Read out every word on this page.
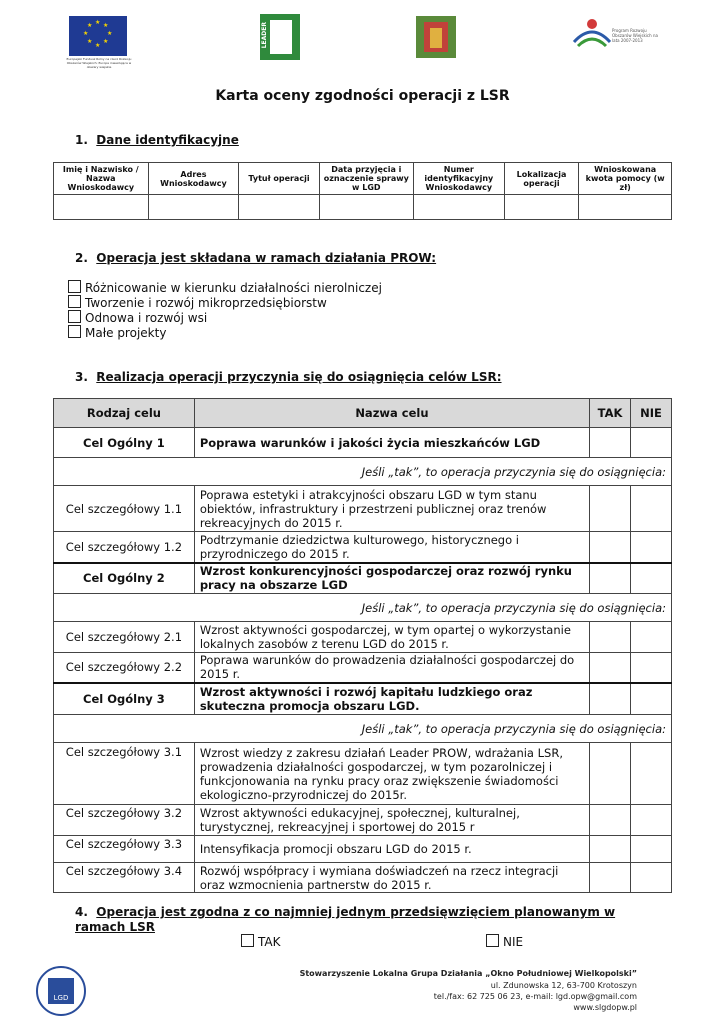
★ ★
★
★
★
★
★
★
Europejski Fundusz Rolny na rzecz Rozwoju Obszarów Wiejskich: Europa inwestująca w obszary wiejskie
LEADER	Program Rozwoju Obszarów Wiejskich na lata 2007-2013
Karta oceny zgodności operacji z LSR
1. Dane identyfikacyjne
Imię i Nazwisko / Nazwa Wnioskodawcy	Adres Wnioskodawcy	Tytuł operacji	Data przyjęcia i oznaczenie sprawy w LGD	Numer identyfikacyjny Wnioskodawcy	Lokalizacja operacji	Wnioskowana kwota pomocy (w zł)

2. Operacja jest składana w ramach działania PROW:
Różnicowanie w kierunku działalności nierolniczej
Tworzenie i rozwój mikroprzedsiębiorstw
Odnowa i rozwój wsi
Małe projekty
3. Realizacja operacji przyczynia się do osiągnięcia celów LSR:
Rodzaj celu	Nazwa celu	TAK	NIE
Cel Ogólny 1	Poprawa warunków i jakości życia mieszkańców LGD		
Jeśli „tak”, to operacja przyczynia się do osiągnięcia:			
Cel szczegółowy 1.1	Poprawa estetyki i atrakcyjności obszaru LGD w tym stanu obiektów, infrastruktury i przestrzeni publicznej oraz trenów rekreacyjnych do 2015 r.		
Cel szczegółowy 1.2	Podtrzymanie dziedzictwa kulturowego, historycznego i przyrodniczego do 2015 r.		
Cel Ogólny 2	Wzrost konkurencyjności gospodarczej oraz rozwój rynku pracy na obszarze LGD		
Jeśli „tak”, to operacja przyczynia się do osiągnięcia:			
Cel szczegółowy 2.1	Wzrost aktywności gospodarczej, w tym opartej o wykorzystanie lokalnych zasobów z terenu LGD do 2015 r.		
Cel szczegółowy 2.2	Poprawa warunków do prowadzenia działalności gospodarczej do 2015 r.		
Cel Ogólny 3	Wzrost aktywności i rozwój kapitału ludzkiego oraz skuteczna promocja obszaru LGD.		
Jeśli „tak”, to operacja przyczynia się do osiągnięcia:			
Cel szczegółowy 3.1	Wzrost wiedzy z zakresu działań Leader PROW, wdrażania LSR, prowadzenia działalności gospodarczej, w tym pozarolniczej i funkcjonowania na rynku pracy oraz zwiększenie świadomości ekologiczno-przyrodniczej do 2015r.		
Cel szczegółowy 3.2	Wzrost aktywności edukacyjnej, społecznej, kulturalnej, turystycznej, rekreacyjnej i sportowej do 2015 r		
Cel szczegółowy 3.3	Intensyfikacja promocji obszaru LGD do 2015 r.		
Cel szczegółowy 3.4	Rozwój współpracy i wymiana doświadczeń na rzecz integracji oraz wzmocnienia partnerstw do 2015 r.		
4. Operacja jest zgodna z co najmniej jednym przedsięwzięciem planowanym w ramach LSR
TAK	NIE
LGD
Stowarzyszenie Lokalna Grupa Działania „Okno Południowej Wielkopolski”
ul. Zdunowska 12, 63-700 Krotoszyn
tel./fax: 62 725 06 23, e-mail: lgd.opw@gmail.com
www.slgdopw.pl
